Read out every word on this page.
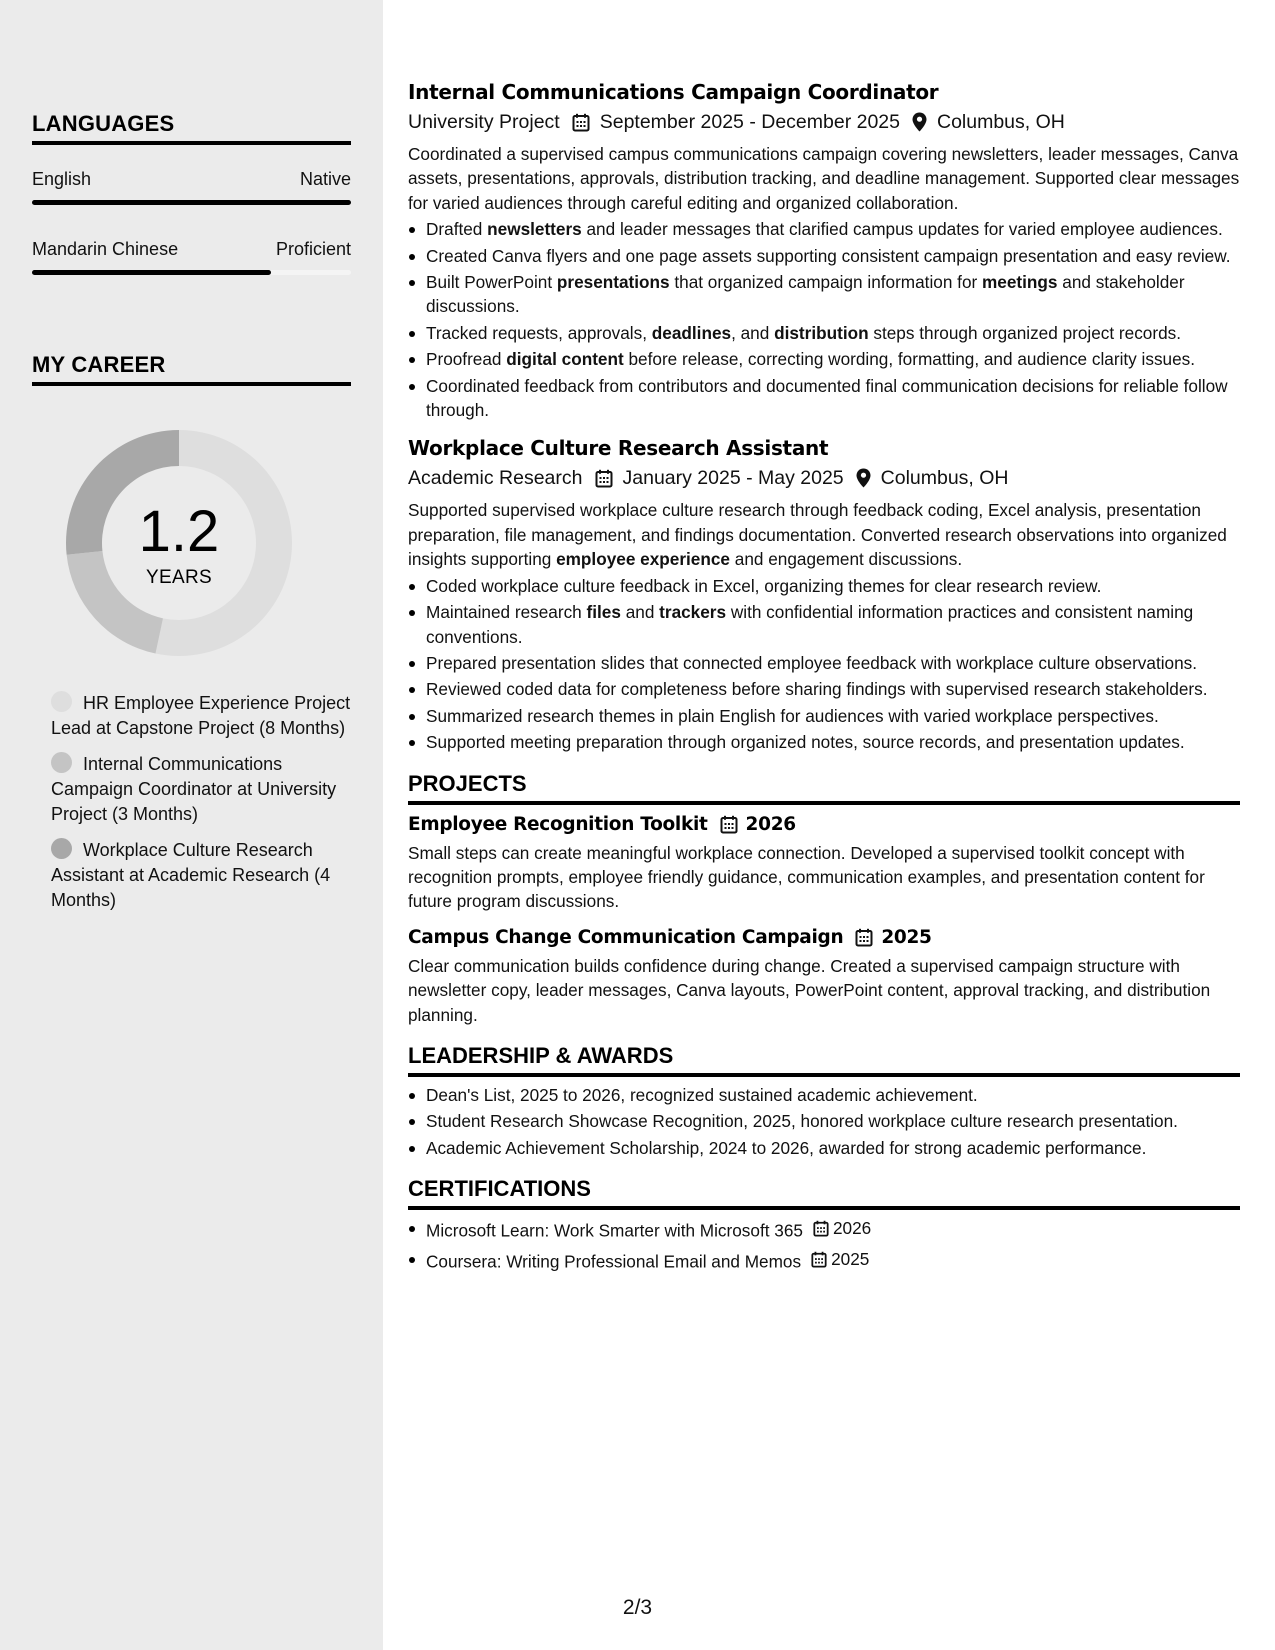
LANGUAGES
English	Native
Mandarin Chinese	Proficient
MY CAREER
1.2
YEARS
HR Employee Experience Project Lead at Capstone Project (8 Months)
Internal Communications Campaign Coordinator at University Project (3 Months)
Workplace Culture Research Assistant at Academic Research (4 Months)
Internal Communications Campaign Coordinator
University Project September 2025 - December 2025 Columbus, OH
Coordinated a supervised campus communications campaign covering newsletters, leader messages, Canva assets, presentations, approvals, distribution tracking, and deadline management. Supported clear messages for varied audiences through careful editing and organized collaboration.
Drafted newsletters and leader messages that clarified campus updates for varied employee audiences.
Created Canva flyers and one page assets supporting consistent campaign presentation and easy review.
Built PowerPoint presentations that organized campaign information for meetings and stakeholder discussions.
Tracked requests, approvals, deadlines, and distribution steps through organized project records.
Proofread digital content before release, correcting wording, formatting, and audience clarity issues.
Coordinated feedback from contributors and documented final communication decisions for reliable follow through.
Workplace Culture Research Assistant
Academic Research January 2025 - May 2025 Columbus, OH
Supported supervised workplace culture research through feedback coding, Excel analysis, presentation preparation, file management, and findings documentation. Converted research observations into organized insights supporting employee experience and engagement discussions.
Coded workplace culture feedback in Excel, organizing themes for clear research review.
Maintained research files and trackers with confidential information practices and consistent naming conventions.
Prepared presentation slides that connected employee feedback with workplace culture observations.
Reviewed coded data for completeness before sharing findings with supervised research stakeholders.
Summarized research themes in plain English for audiences with varied workplace perspectives.
Supported meeting preparation through organized notes, source records, and presentation updates.
PROJECTS
Employee Recognition Toolkit 2026
Small steps can create meaningful workplace connection. Developed a supervised toolkit concept with recognition prompts, employee friendly guidance, communication examples, and presentation content for future program discussions.
Campus Change Communication Campaign 2025
Clear communication builds confidence during change. Created a supervised campaign structure with newsletter copy, leader messages, Canva layouts, PowerPoint content, approval tracking, and distribution planning.
LEADERSHIP & AWARDS
Dean's List, 2025 to 2026, recognized sustained academic achievement.
Student Research Showcase Recognition, 2025, honored workplace culture research presentation.
Academic Achievement Scholarship, 2024 to 2026, awarded for strong academic performance.
CERTIFICATIONS
Microsoft Learn: Work Smarter with Microsoft 365 2026
Coursera: Writing Professional Email and Memos 2025
2/3
